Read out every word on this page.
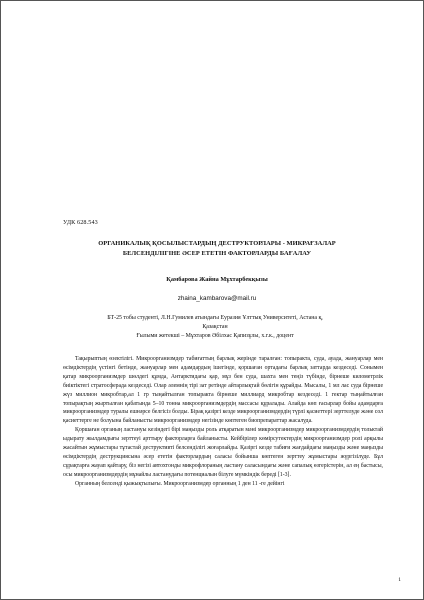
УДК 628.543
ОРГАНИКАЛЫҚ ҚОСЫЛЫСТАРДЫҢ ДЕСТРУКТОРЛАРЫ - МИКРАҒЗАЛАР
БЕЛСЕНДІЛІГІНЕ ӘСЕР ЕТЕТІН ФАКТОРЛАРДЫ БАҒАЛАУ
Қамбарова Жайна Мұхтарбекқызы
zhaina_kambarova@mail.ru
БТ-25 тобы студенті, Л.Н.Гумилев атындағы Еуразия Ұлттық Университеті, Астана қ,
Қазақстан
Ғылыми жетекші – Мұхтаров Әбілхас Қапизұлы, х.г.к., доцент

Тақырыптың өзектілігі. Микроорганизмдер табиғаттың барлық жерінде таралған: топыракта, суда, ауада, жануарлар мен өсімдіктердің үстінгі бетінде, жануарлар мен адамдардың ішегінде, қоршаған ортадағы барлық заттарда кездеседі. Сонымен қатар микроорганизмдер шөлдегі құмда, Антарктидағы қар, мұз бен суда, шахта мен теңіз түбінде, бірнеше километрлік биіктіктегі стратосферада кездеседі. Олар әлемнің тірі зат ретінде айтарлықтай бөлігін құрайды. Мысалы, 1 мл лас суда бірнеше жүз миллион микробтар,ал 1 гр тыңайтылған топыракта бірнеше миллиард микробтар кездеседі. 1 гектар тыңайтылған топырақтың жыртылған қабатында 5–10 тонна микроорганизмдердің массасы құралады. Алайда көп ғасырлар бойы адамдарға микроорганизмдер туралы ешнәрсе белгісіз болды. Бірақ қазіргі кезде микроорганизмдердің түрлі қасиеттері зерттелуде және сол қасиеттерге не болуына байланысты микроорганизмдер негізінде көптеген биопрепараттар жасалуда.

Қоршаған органың ластануы кезіндегі бірі маңызды роль атқаратын мәні микроорганизмдер микроорганизмдердің тольктай ыдырату жылдамдығы зерттеуі арттыру факторларға байланысты. Кейбірілер көмірсутектердің микроорганизмдер ролі арқылы жасайтын жұмыстары тұтастай деструктивті белсенділігі жоғарлайды. Қазіргі кезде табиғи жағдайдағы маңызды және маңызды өсімдіктердің деструкциясына әсер ететін факторлардың саласы бойынша көптеген зерттеу жұмыстары жүргізілуде. Бұл сұрақтарға жауап қайтару, біз негізі автохтонды микрофлораның ластану саласындағы және сапалық өзгерістерін, ал ең бастысы, осы микроорганизмдердің мұнайлы ластанудағы потенциалын білуге мүмкіндік береді [1-3].

Органның белсенді қыжықтылығы. Микроорганизмдер органның 1 ден 11 -ге дейінгі

1
